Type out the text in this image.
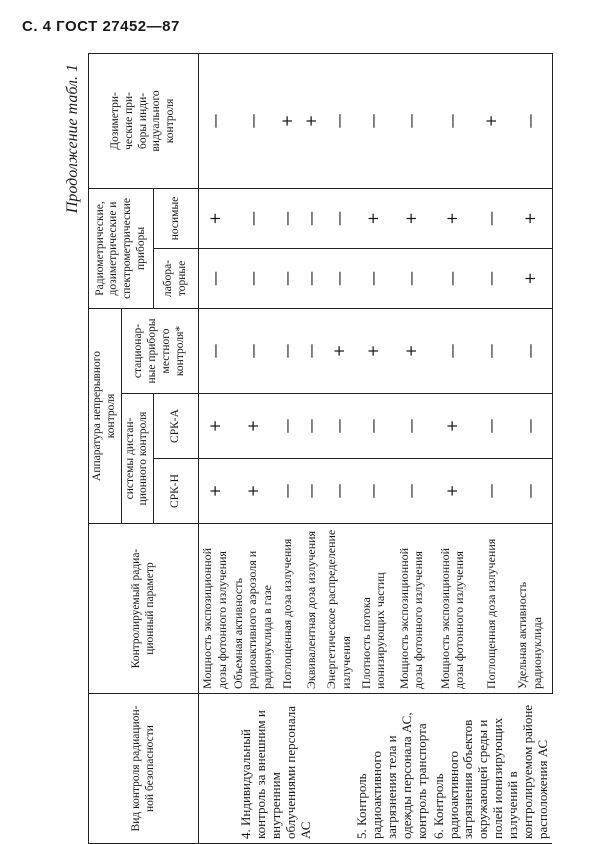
С. 4 ГОСТ 27452—87
Продолжение табл. 1
Вид контроля радиацион-
ной безопасности	Контролируемый радиа-
ционный параметр	Аппаратура непрерывного
контроля			Радиометрические,
дозиметрические и
спектрометрические
приборы		Дозиметри-
ческие при-
боры инди-
видуального
контроля
		системы дистан-
ционного контроля		стационар-
ные приборы
местного
контроля*			
		СРК-Н	СРК-А		лабора-
торные	носимые	
4. Индивидуальный контроль за внешним и внутренним облучениями персонала АС	Мощность экспозиционной дозы фотонного излучения	+	+	—	—	+	—
	Объемная активность радиоактивного аэрозоля и радионуклида в газе	+	+	—	—	—	—
	Поглощенная доза излучения	—	—	—	—	—	+
	Эквивалентная доза излучения	—	—	—	—	—	+
	Энергетическое распределение излучения	—	—	+	—	—	—
5. Контроль радиоактивного загрязнения тела и одежды персонала АС, контроль транспорта	Плотность потока ионизирующих частиц	—	—	+	—	+	—
	Мощность экспозиционной дозы фотонного излучения	—	—	+	—	+	—
6. Контроль радиоактивного загрязнения объектов окружающей среды и полей ионизирующих излучений в контролируемом районе расположения АС	Мощность экспозиционной дозы фотонного излучения	+	+	—	—	+	—
	Поглощенная доза излучения	—	—	—	—	—	+
	Удельная активность радионуклида	—	—	—	+	+	—
